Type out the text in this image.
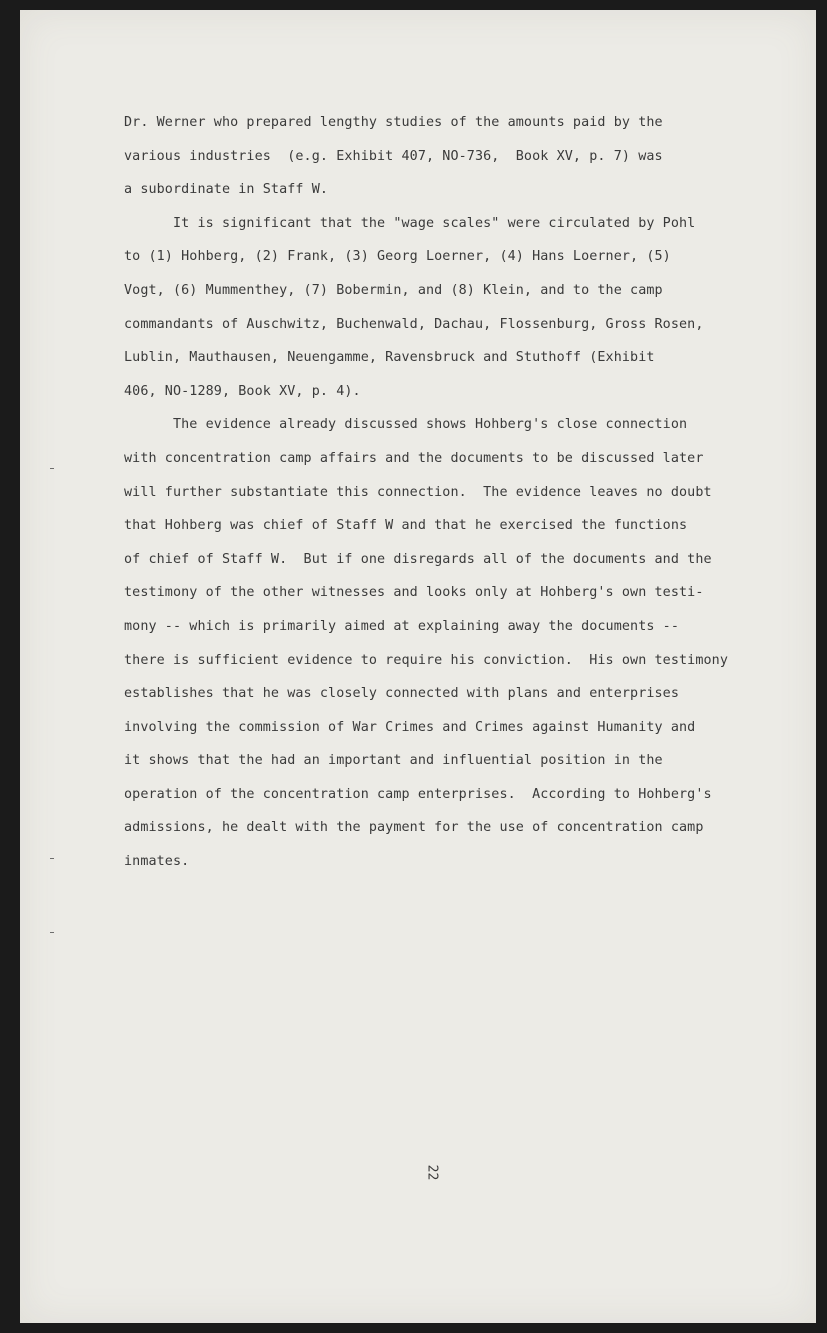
Dr. Werner who prepared lengthy studies of the amounts paid by the
various industries  (e.g. Exhibit 407, NO-736,  Book XV, p. 7) was
a subordinate in Staff W.
It is significant that the "wage scales" were circulated by Pohl
to (1) Hohberg, (2) Frank, (3) Georg Loerner, (4) Hans Loerner, (5)
Vogt, (6) Mummenthey, (7) Bobermin, and (8) Klein, and to the camp
commandants of Auschwitz, Buchenwald, Dachau, Flossenburg, Gross Rosen,
Lublin, Mauthausen, Neuengamme, Ravensbruck and Stuthoff (Exhibit
406, NO-1289, Book XV, p. 4).
The evidence already discussed shows Hohberg's close connection
with concentration camp affairs and the documents to be discussed later
will further substantiate this connection.  The evidence leaves no doubt
that Hohberg was chief of Staff W and that he exercised the functions
of chief of Staff W.  But if one disregards all of the documents and the
testimony of the other witnesses and looks only at Hohberg's own testi-
mony -- which is primarily aimed at explaining away the documents --
there is sufficient evidence to require his conviction.  His own testimony
establishes that he was closely connected with plans and enterprises
involving the commission of War Crimes and Crimes against Humanity and
it shows that the had an important and influential position in the
operation of the concentration camp enterprises.  According to Hohberg's
admissions, he dealt with the payment for the use of concentration camp
inmates.
22
